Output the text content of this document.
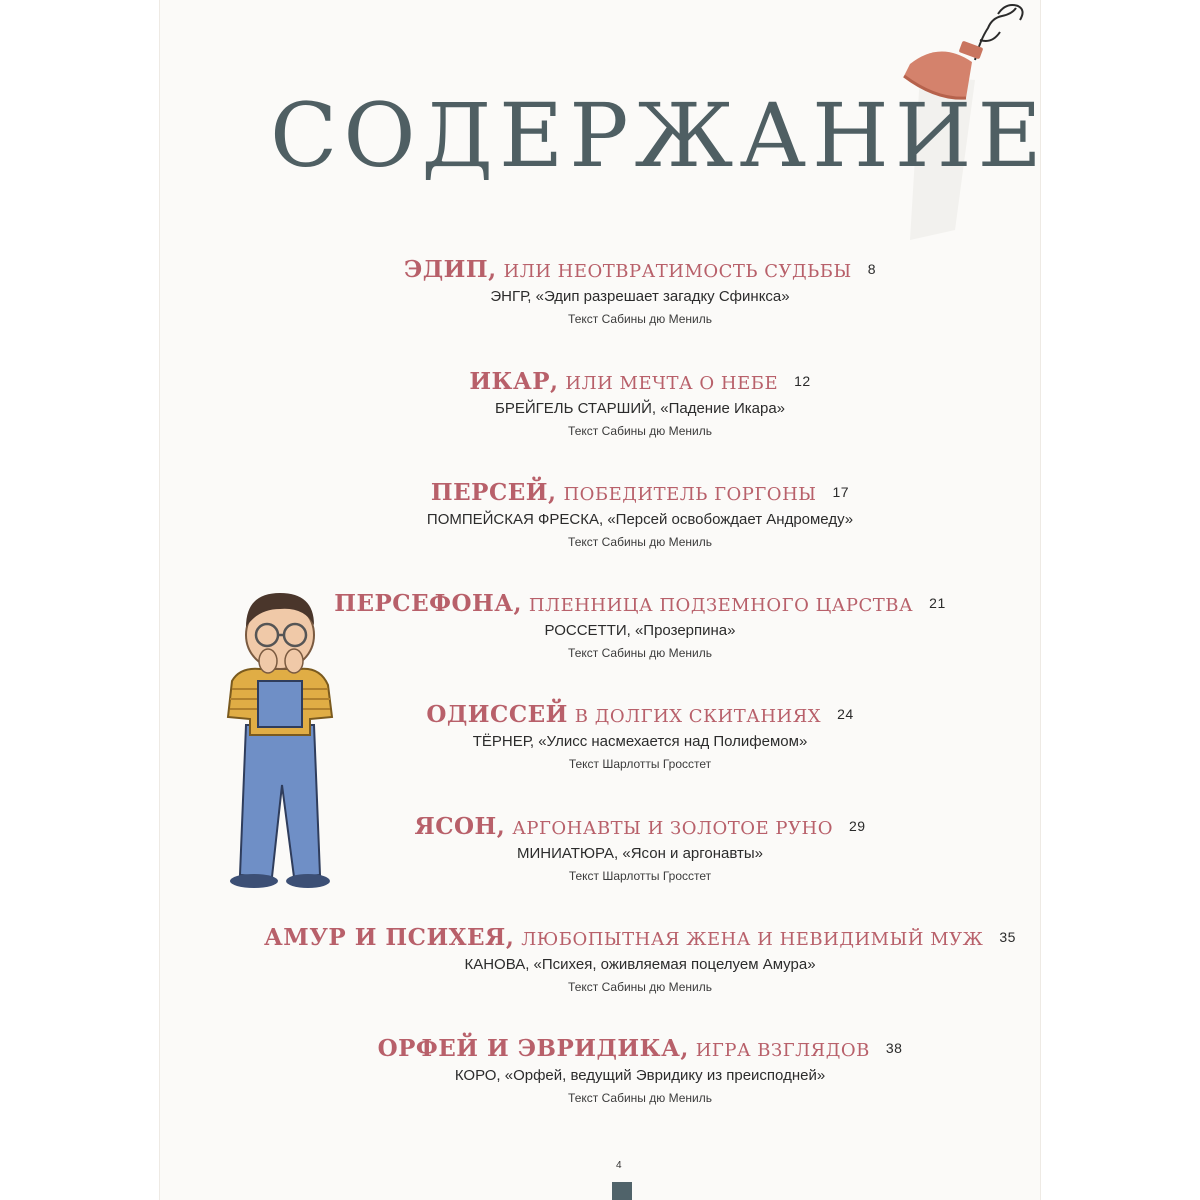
СОДЕРЖАНИЕ
ЭДИП, ИЛИ НЕОТВРАТИМОСТЬ СУДЬБЫ 8
ЭНГР, «Эдип разрешает загадку Сфинкса»
Текст Сабины дю Мениль
ИКАР, ИЛИ МЕЧТА О НЕБЕ 12
БРЕЙГЕЛЬ СТАРШИЙ, «Падение Икара»
Текст Сабины дю Мениль
ПЕРСЕЙ, ПОБЕДИТЕЛЬ ГОРГОНЫ 17
ПОМПЕЙСКАЯ ФРЕСКА, «Персей освобождает Андромеду»
Текст Сабины дю Мениль
ПЕРСЕФОНА, ПЛЕННИЦА ПОДЗЕМНОГО ЦАРСТВА 21
РОССЕТТИ, «Прозерпина»
Текст Сабины дю Мениль
ОДИССЕЙ В ДОЛГИХ СКИТАНИЯХ 24
ТЁРНЕР, «Улисс насмехается над Полифемом»
Текст Шарлотты Гросстет
ЯСОН, АРГОНАВТЫ И ЗОЛОТОЕ РУНО 29
МИНИАТЮРА, «Ясон и аргонавты»
Текст Шарлотты Гросстет
АМУР И ПСИХЕЯ, ЛЮБОПЫТНАЯ ЖЕНА И НЕВИДИМЫЙ МУЖ 35
КАНОВА, «Психея, оживляемая поцелуем Амура»
Текст Сабины дю Мениль
ОРФЕЙ И ЭВРИДИКА, ИГРА ВЗГЛЯДОВ 38
КОРО, «Орфей, ведущий Эвридику из преисподней»
Текст Сабины дю Мениль
4
